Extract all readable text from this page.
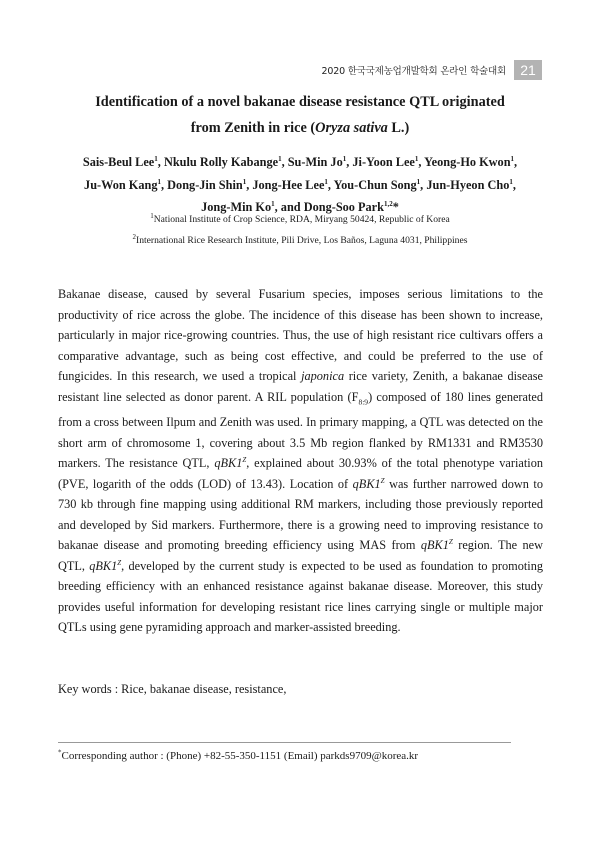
2020 한국국제농업개발학회 온라인 학술대회	21
Identification of a novel bakanae disease resistance QTL originated
from Zenith in rice (Oryza sativa L.)
Sais-Beul Lee$^1$, Nkulu Rolly Kabange$^1$, Su-Min Jo$^1$, Ji-Yoon Lee$^1$, Yeong-Ho Kwon$^1$,
Ju-Won Kang$^1$, Dong-Jin Shin$^1$, Jong-Hee Lee$^1$, You-Chun Song$^1$, Jun-Hyeon Cho$^1$,
Jong-Min Ko$^1$, and Dong-Soo Park$^{1,2}$*
$^1$National Institute of Crop Science, RDA, Miryang 50424, Republic of Korea
$^2$International Rice Research Institute, Pili Drive, Los Baños, Laguna 4031, Philippines
Bakanae disease, caused by several Fusarium species, imposes serious limitations to the productivity of rice across the globe. The incidence of this disease has been shown to increase, particularly in major rice-growing countries. Thus, the use of high resistant rice cultivars offers a comparative advantage, such as being cost effective, and could be preferred to the use of fungicides. In this research, we used a tropical japonica rice variety, Zenith, a bakanae disease resistant line selected as donor parent. A RIL population $(F_{8:9})$ composed of 180 lines generated from a cross between Ilpum and Zenith was used. In primary mapping, a QTL was detected on the short arm of chromosome 1, covering about 3.5 Mb region flanked by RM1331 and RM3530 markers. The resistance QTL, $qBK1^Z$, explained about 30.93% of the total phenotype variation (PVE, logarith of the odds (LOD) of 13.43). Location of $qBK1^Z$ was further narrowed down to 730 kb through fine mapping using additional RM markers, including those previously reported and developed by Sid markers. Furthermore, there is a growing need to improving resistance to bakanae disease and promoting breeding efficiency using MAS from $qBK1^Z$ region. The new QTL, $qBK1^Z$, developed by the current study is expected to be used as foundation to promoting breeding efficiency with an enhanced resistance against bakanae disease. Moreover, this study provides useful information for developing resistant rice lines carrying single or multiple major QTLs using gene pyramiding approach and marker-assisted breeding.
Key words : Rice, bakanae disease, resistance,
*Corresponding author : (Phone) +82-55-350-1151 (Email) parkds9709@korea.kr
